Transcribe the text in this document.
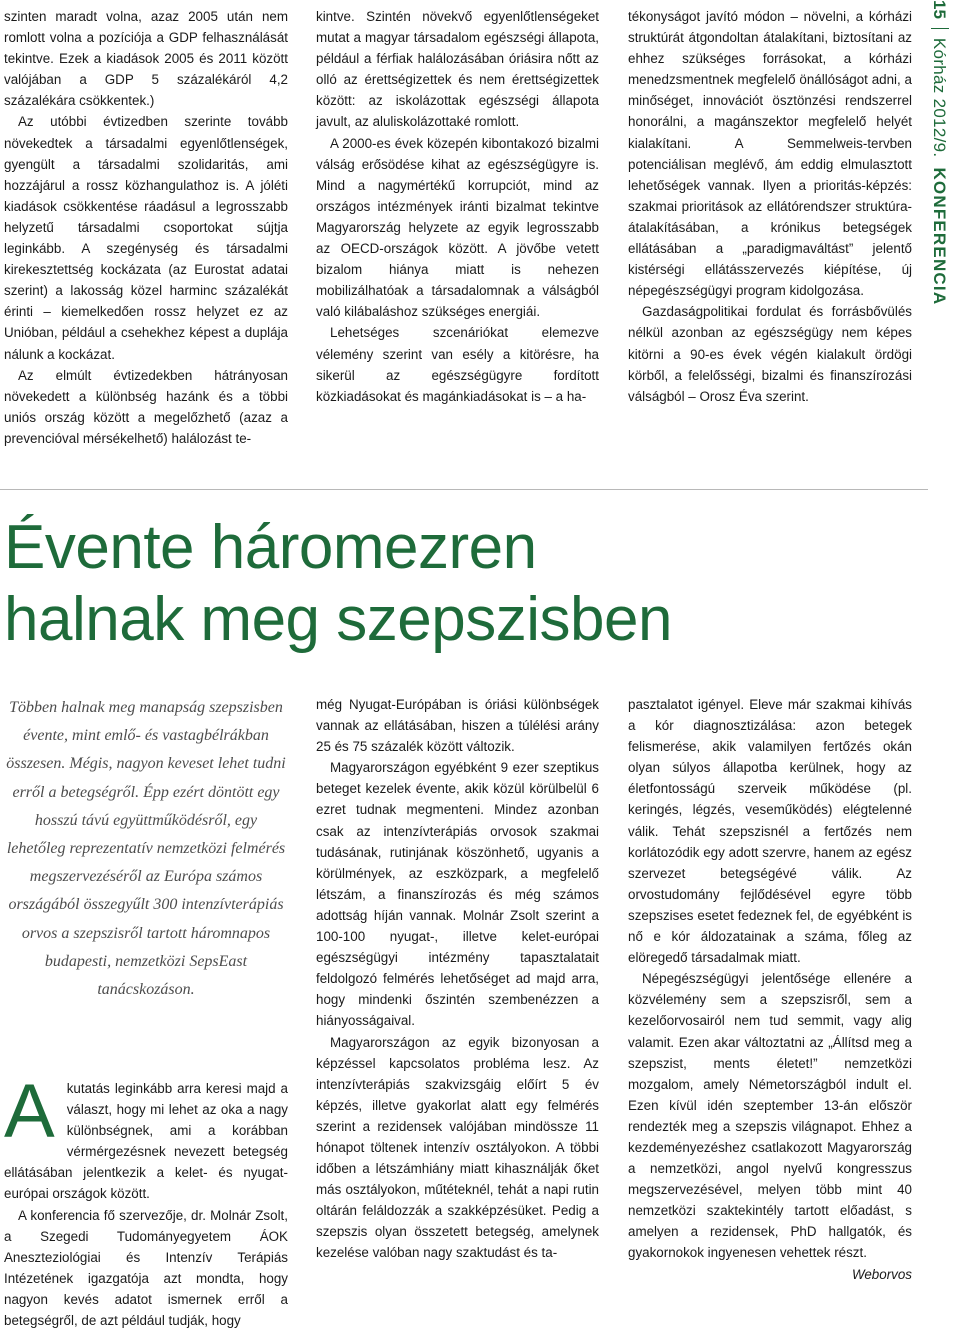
szinten maradt volna, azaz 2005 után nem romlott volna a pozíciója a GDP felhasználását tekintve. Ezek a kiadások 2005 és 2011 között valójában a GDP 5 százalékáról 4,2 százalékára csökkentek.)

Az utóbbi évtizedben szerinte tovább növekedtek a társadalmi egyenlőtlenségek, gyengült a társadalmi szolidaritás, ami hozzájárul a rossz közhangulathoz is. A jóléti kiadások csökkentése ráadásul a legrosszabb helyzetű társadalmi csoportokat sújtja leginkább. A szegénység és társadalmi kirekesztettség kockázata (az Eurostat adatai szerint) a lakosság közel harminc százalékát érinti – kiemelkedően rossz helyzet ez az Unióban, például a csehekhez képest a duplája nálunk a kockázat.

Az elmúlt évtizedekben hátrányosan növekedett a különbség hazánk és a többi uniós ország között a megelőzhető (azaz a prevencióval mérsékelhető) halálozást te-

kintve. Szintén növekvő egyenlőtlenségeket mutat a magyar társadalom egészségi állapota, például a férfiak halálozásában óriásira nőtt az olló az érettségizettek és nem érettségizettek között: az iskolázottak egészségi állapota javult, az aluliskolázottaké romlott.

A 2000-es évek közepén kibontakozó bizalmi válság erősödése kihat az egészségügyre is. Mind a nagymértékű korrupciót, mind az országos intézmények iránti bizalmat tekintve Magyarország helyzete az egyik legrosszabb az OECD-országok között. A jövőbe vetett bizalom hiánya miatt is nehezen mobilizálhatóak a társadalomnak a válságból való kilábaláshoz szükséges energiái.

Lehetséges szcenáriókat elemezve vélemény szerint van esély a kitörésre, ha sikerül az egészségügyre fordított közkiadásokat és magánkiadásokat is – a ha-

tékonyságot javító módon – növelni, a kórházi struktúrát átgondoltan átalakítani, biztosítani az ehhez szükséges forrásokat, a kórházi menedzsmentnek megfelelő önállóságot adni, a minőséget, innovációt ösztönzési rendszerrel honorálni, a magánszektor megfelelő helyét kialakítani. A Semmelweis-tervben potenciálisan meglévő, ám eddig elmulasztott lehetőségek vannak. Ilyen a prioritás-képzés: szakmai prioritások az ellátórendszer struktúra-átalakításában, a krónikus betegségek ellátásában a „paradigmaváltást” jelentő kistérségi ellátásszervezés kiépítése, új népegészségügyi program kidolgozása.

Gazdaságpolitikai fordulat és forrásbővülés nélkül azonban az egészségügy nem képes kitörni a 90-es évek végén kialakult ördögi körből, a felelősségi, bizalmi és finanszírozási válságból – Orosz Éva szerint.

15Kórház 2012/9.KONFERENCIA
Évente háromezren
halnak meg szepszisben
Többen halnak meg manapság szepszisben évente, mint emlő- és vastagbélrákban összesen. Mégis, nagyon keveset lehet tudni erről a betegségről. Épp ezért döntött egy hosszú távú együttműködésről, egy lehetőleg reprezentatív nemzetközi felmérés megszervezéséről az Európa számos országából összegyűlt 300 intenzívterápiás orvos a szepszisről tartott háromnapos budapesti, nemzetközi SepsEast tanácskozáson.

Akutatás leginkább arra keresi majd a választ, hogy mi lehet az oka a nagy különbségnek, ami a korábban vérmérgezésnek nevezett betegség ellátásában jelentkezik a kelet- és nyugat-európai országok között.

A konferencia fő szervezője, dr. Molnár Zsolt, a Szegedi Tudományegyetem ÁOK Aneszteziológiai és Intenzív Terápiás Intézetének igazgatója azt mondta, hogy nagyon kevés adatot ismernek erről a betegségről, de azt például tudják, hogy

még Nyugat-Európában is óriási különbségek vannak az ellátásában, hiszen a túlélési arány 25 és 75 százalék között változik.

Magyarországon egyébként 9 ezer szeptikus beteget kezelek évente, akik közül körülbelül 6 ezret tudnak megmenteni. Mindez azonban csak az intenzívterápiás orvosok szakmai tudásának, rutinjának köszönhető, ugyanis a körülmények, az eszközpark, a megfelelő létszám, a finanszírozás és még számos adottság híján vannak. Molnár Zsolt szerint a 100-100 nyugat-, illetve kelet-európai egészségügyi intézmény tapasztalatait feldolgozó felmérés lehetőséget ad majd arra, hogy mindenki őszintén szembenézzen a hiányosságaival.

Magyarországon az egyik bizonyosan a képzéssel kapcsolatos probléma lesz. Az intenzívterápiás szakvizsgáig előírt 5 év képzés, illetve gyakorlat alatt egy felmérés szerint a rezidensek valójában mindössze 11 hónapot töltenek intenzív osztályokon. A többi időben a létszámhiány miatt kihasználják őket más osztályokon, műtéteknél, tehát a napi rutin oltárán feláldozzák a szakképzésüket. Pedig a szepszis olyan összetett betegség, amelynek kezelése valóban nagy szaktudást és ta-

pasztalatot igényel. Eleve már szakmai kihívás a kór diagnosztizálása: azon betegek felismerése, akik valamilyen fertőzés okán olyan súlyos állapotba kerülnek, hogy az életfontosságú szerveik működése (pl. keringés, légzés, veseműködés) elégtelenné válik. Tehát szepszisnél a fertőzés nem korlátozódik egy adott szervre, hanem az egész szervezet betegségévé válik. Az orvostudomány fejlődésével egyre több szepszises esetet fedeznek fel, de egyébként is nő e kór áldozatainak a száma, főleg az elöregedő társadalmak miatt.

Népegészségügyi jelentősége ellenére a közvélemény sem a szepszisről, sem a kezelőorvosairól nem tud semmit, vagy alig valamit. Ezen akar változtatni az „Állítsd meg a szepszist, ments életet!” nemzetközi mozgalom, amely Németországból indult el. Ezen kívül idén szeptember 13-án először rendezték meg a szepszis világnapot. Ehhez a kezdeményezéshez csatlakozott Magyarország a nemzetközi, angol nyelvű kongresszus megszervezésével, melyen több mint 40 nemzetközi szaktekintély tartott előadást, s amelyen a rezidensek, PhD hallgatók, és gyakornokok ingyenesen vehettek részt.

Weborvos
